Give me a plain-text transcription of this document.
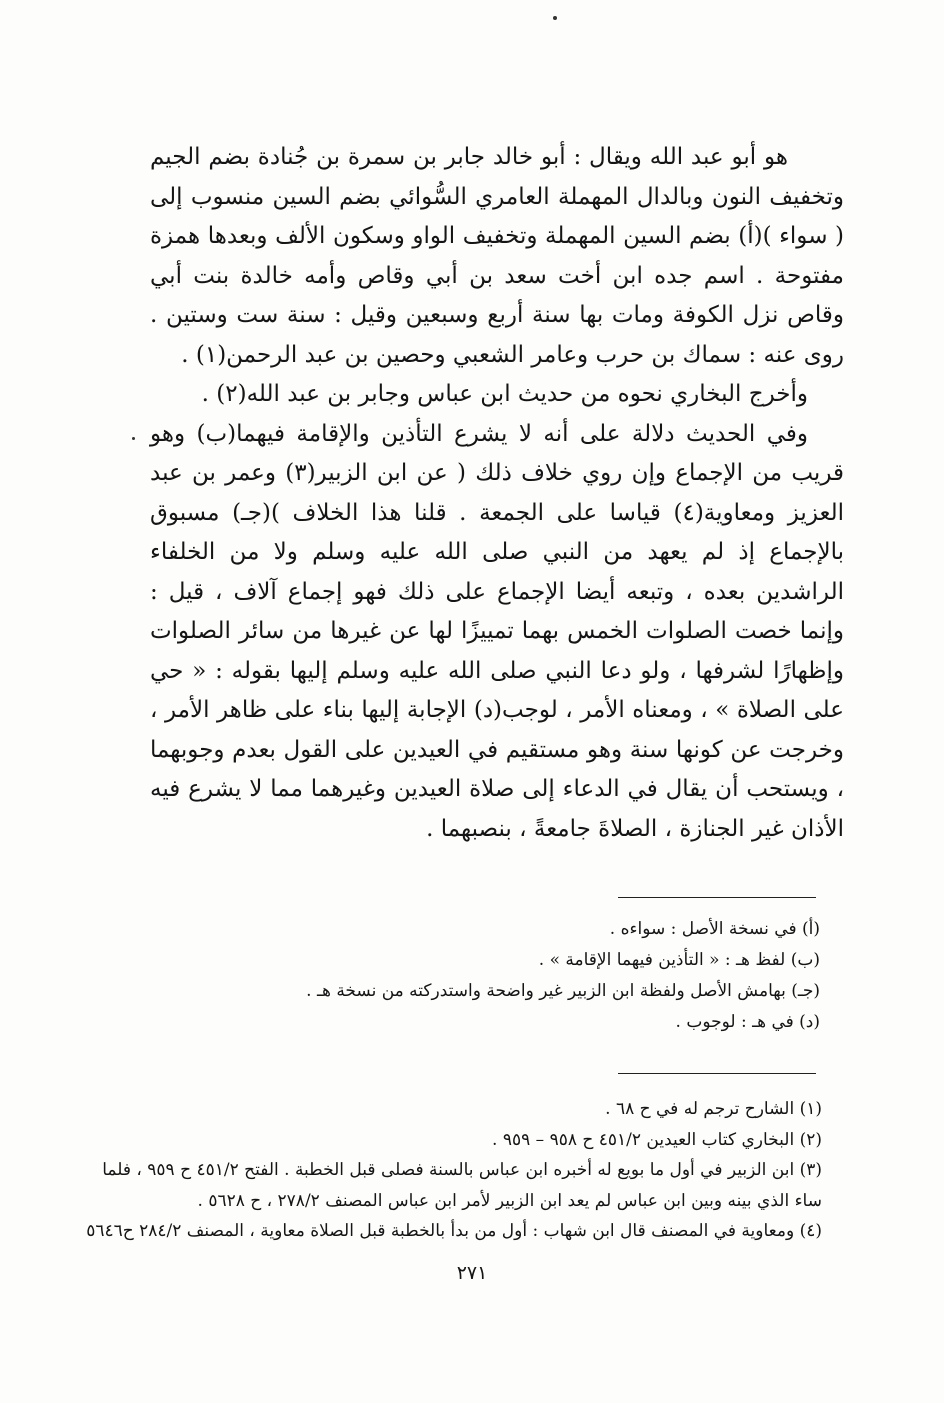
هو أبو عبد الله ويقال : أبو خالد جابر بن سمرة بن جُنادة بضم الجيم وتخفيف النون وبالدال المهملة العامري السُّوائي بضم السين منسوب إلى ( سواء )(أ) بضم السين المهملة وتخفيف الواو وسكون الألف وبعدها همزة مفتوحة . اسم جده ابن أخت سعد بن أبي وقاص وأمه خالدة بنت أبي وقاص نزل الكوفة ومات بها سنة أربع وسبعين وقيل : سنة ست وستين . روى عنه : سماك بن حرب وعامر الشعبي وحصين بن عبد الرحمن(١) .

وأخرج البخاري نحوه من حديث ابن عباس وجابر بن عبد الله(٢) .

وفي الحديث دلالة على أنه لا يشرع التأذين والإقامة فيهما(ب) وهو قريب من الإجماع وإن روي خلاف ذلك ( عن ابن الزبير(٣) وعمر بن عبد العزيز ومعاوية(٤) قياسا على الجمعة . قلنا هذا الخلاف )(جـ) مسبوق بالإجماع إذ لم يعهد من النبي صلى الله عليه وسلم ولا من الخلفاء الراشدين بعده ، وتبعه أيضا الإجماع على ذلك فهو إجماع آلاف ، قيل : وإنما خصت الصلوات الخمس بهما تمييزًا لها عن غيرها من سائر الصلوات وإظهارًا لشرفها ، ولو دعا النبي صلى الله عليه وسلم إليها بقوله : « حي على الصلاة » ، ومعناه الأمر ، لوجب(د) الإجابة إليها بناء على ظاهر الأمر ، وخرجت عن كونها سنة وهو مستقيم في العيدين على القول بعدم وجوبهما ، ويستحب أن يقال في الدعاء إلى صلاة العيدين وغيرهما مما لا يشرع فيه الأذان غير الجنازة ، الصلاةَ جامعةً ، بنصبهما .

(أ) في نسخة الأصل : سواءه .
(ب) لفظ هـ : « التأذين فيهما الإقامة » .
(جـ) بهامش الأصل ولفظة ابن الزبير غير واضحة واستدركته من نسخة هـ .
(د) في هـ : لوجوب .
(١) الشارح ترجم له في ح ٦٨ .
(٢) البخاري كتاب العيدين ٤٥١/٢ ح ٩٥٨ – ٩٥٩ .
(٣) ابن الزبير في أول ما بويع له أخبره ابن عباس بالسنة فصلى قبل الخطبة . الفتح ٤٥١/٢ ح ٩٥٩ ، فلما
ساء الذي بينه وبين ابن عباس لم يعد ابن الزبير لأمر ابن عباس المصنف ٢٧٨/٢ ، ح ٥٦٢٨ .
(٤) ومعاوية في المصنف قال ابن شهاب : أول من بدأ بالخطبة قبل الصلاة معاوية ، المصنف ٢٨٤/٢ ح٥٦٤٦
٢٧١
